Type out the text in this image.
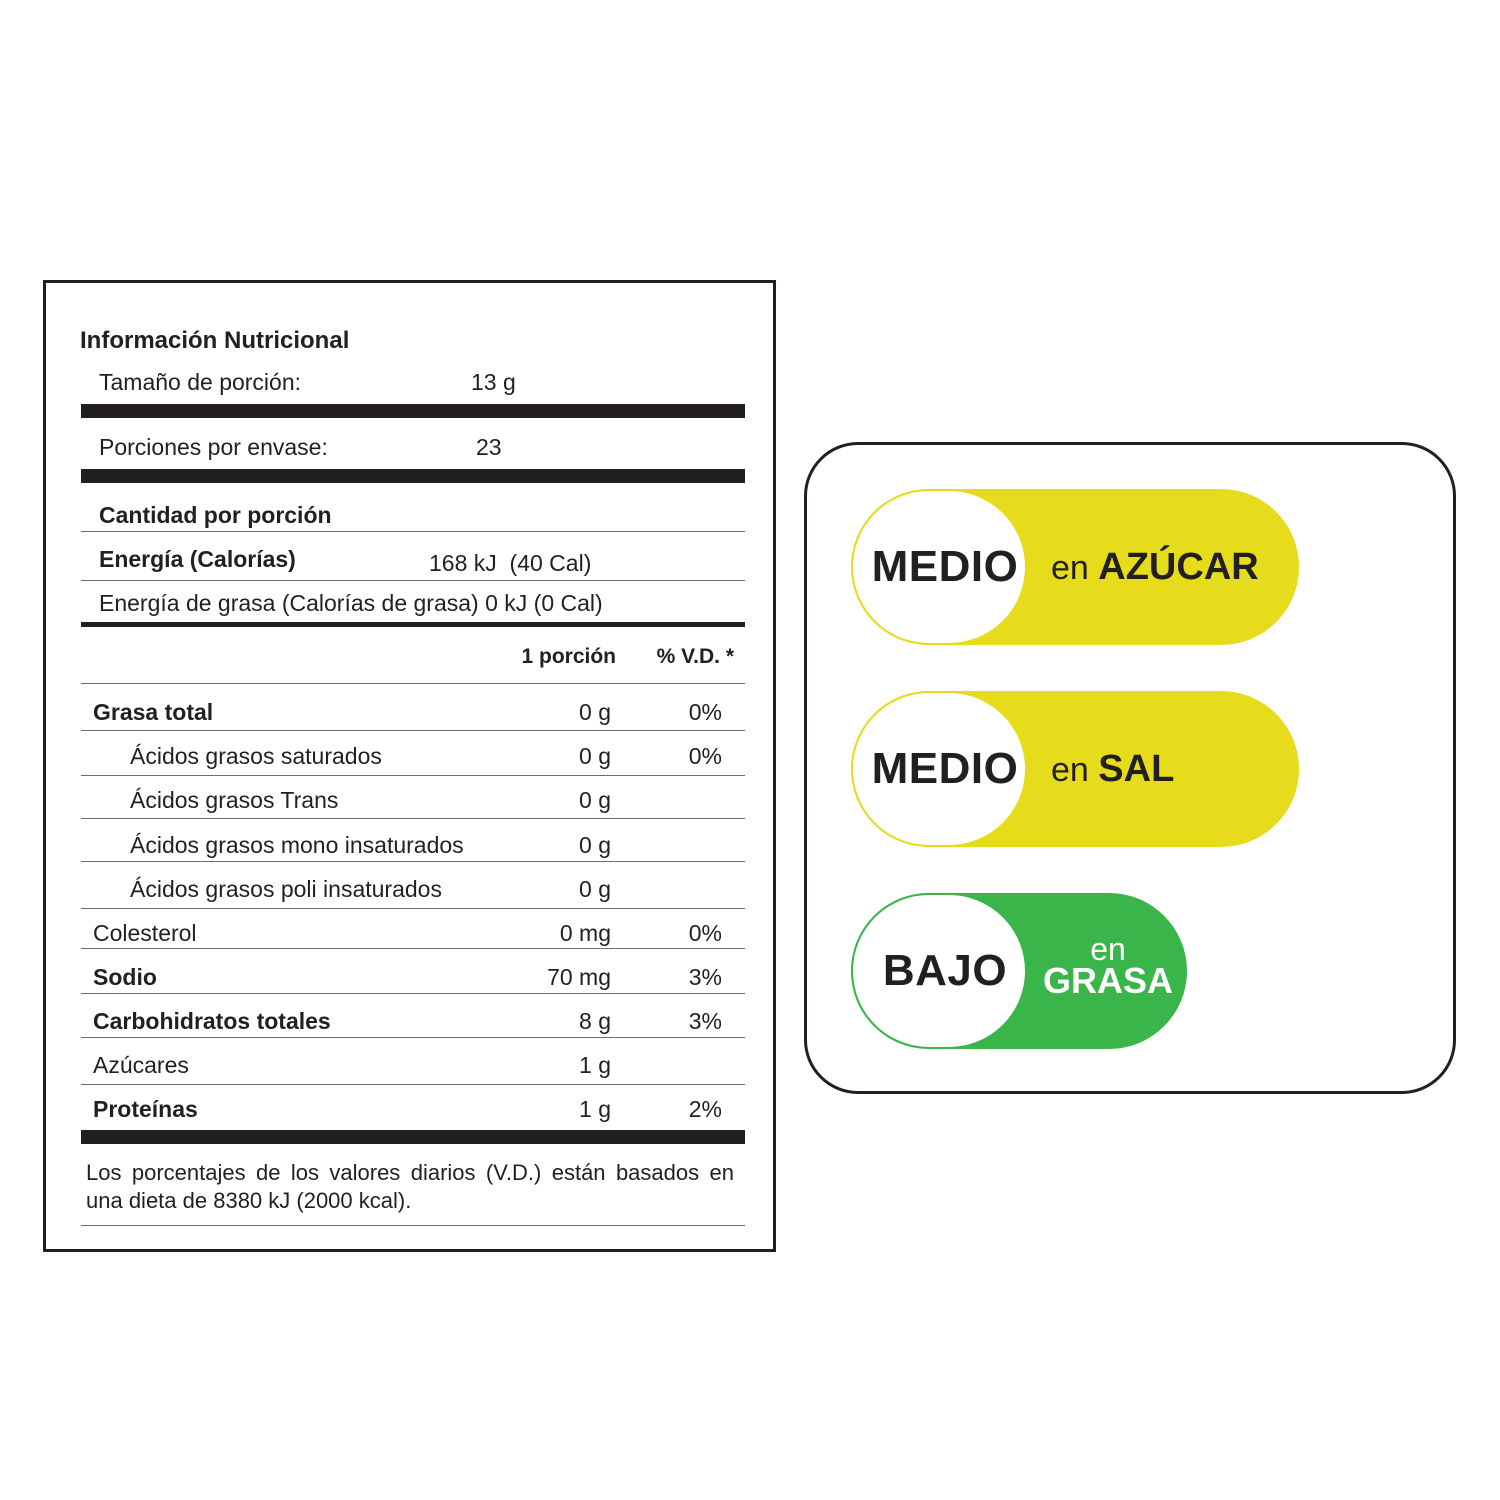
Información Nutricional
Tamaño de porción:	13 g
Porciones por envase:	23
Cantidad por porción
Energía (Calorías)	168 kJ  (40 Cal)
Energía de grasa (Calorías de grasa) 0 kJ (0 Cal)
1 porción	% V.D. *
Grasa total	0 g	0%
Ácidos grasos saturados	0 g	0%
Ácidos grasos Trans	0 g
Ácidos grasos mono insaturados	0 g
Ácidos grasos poli insaturados	0 g
Colesterol	0 mg	0%
Sodio	70 mg	3%
Carbohidratos totales	8 g	3%
Azúcares	1 g
Proteínas	1 g	2%
Los porcentajes de los valores diarios (V.D.) están basados en una dieta de 8380 kJ (2000 kcal).
MEDIO en AZÚCAR
MEDIO en SAL
BAJO	en
GRASA
